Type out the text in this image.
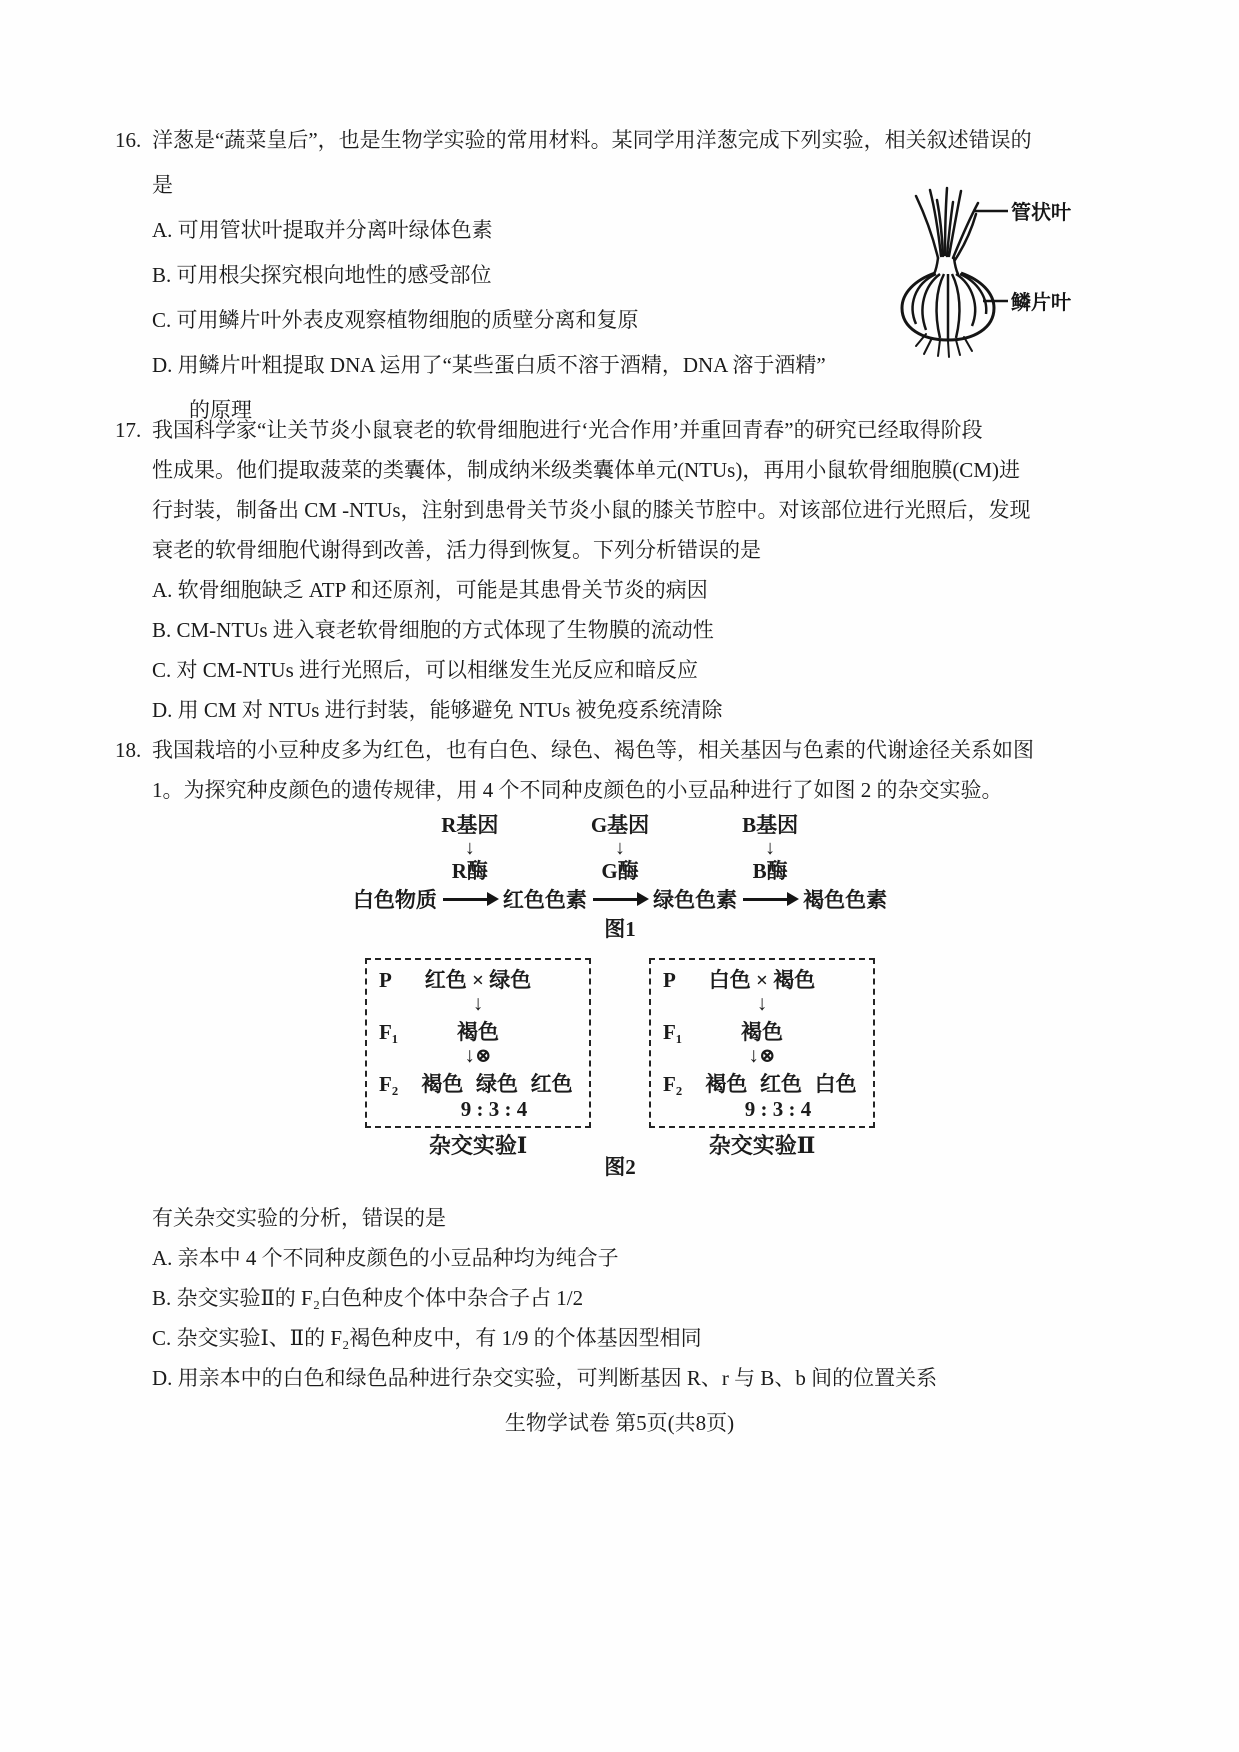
16. 洋葱是“蔬菜皇后”，也是生物学实验的常用材料。某同学用洋葱完成下列实验，相关叙述错误的
是
A. 可用管状叶提取并分离叶绿体色素
B. 可用根尖探究根向地性的感受部位
C. 可用鳞片叶外表皮观察植物细胞的质壁分离和复原
D. 用鳞片叶粗提取 DNA 运用了“某些蛋白质不溶于酒精，DNA 溶于酒精”
的原理
管状叶
鳞片叶
17. 我国科学家“让关节炎小鼠衰老的软骨细胞进行‘光合作用’并重回青春”的研究已经取得阶段
性成果。他们提取菠菜的类囊体，制成纳米级类囊体单元(NTUs)，再用小鼠软骨细胞膜(CM)进
行封装，制备出 CM -NTUs，注射到患骨关节炎小鼠的膝关节腔中。对该部位进行光照后，发现
衰老的软骨细胞代谢得到改善，活力得到恢复。下列分析错误的是
A. 软骨细胞缺乏 ATP 和还原剂，可能是其患骨关节炎的病因
B. CM-NTUs 进入衰老软骨细胞的方式体现了生物膜的流动性
C. 对 CM-NTUs 进行光照后，可以相继发生光反应和暗反应
D. 用 CM 对 NTUs 进行封装，能够避免 NTUs 被免疫系统清除
18. 我国栽培的小豆种皮多为红色，也有白色、绿色、褐色等，相关基因与色素的代谢途径关系如图
1。为探究种皮颜色的遗传规律，用 4 个不同种皮颜色的小豆品种进行了如图 2 的杂交实验。
白色物质
R基因
↓
R酶
红色色素
G基因
↓
G酶
绿色色素
B基因
↓
B酶
褐色色素
图1
P 红色 × 绿色
↓
F₁	褐色
↓⊗
F₂	褐色 绿色 红色
9 : 3 : 4
杂交实验Ⅰ
P 白色 × 褐色
↓
F₁	褐色
↓⊗
F₂	褐色 红色 白色
9 : 3 : 4
杂交实验Ⅱ
图2
有关杂交实验的分析，错误的是
A. 亲本中 4 个不同种皮颜色的小豆品种均为纯合子
B. 杂交实验Ⅱ的 F₂白色种皮个体中杂合子占 1/2
C. 杂交实验Ⅰ、Ⅱ的 F₂褐色种皮中，有 1/9 的个体基因型相同
D. 用亲本中的白色和绿色品种进行杂交实验，可判断基因 R、r 与 B、b 间的位置关系
生物学试卷 第5页(共8页)
